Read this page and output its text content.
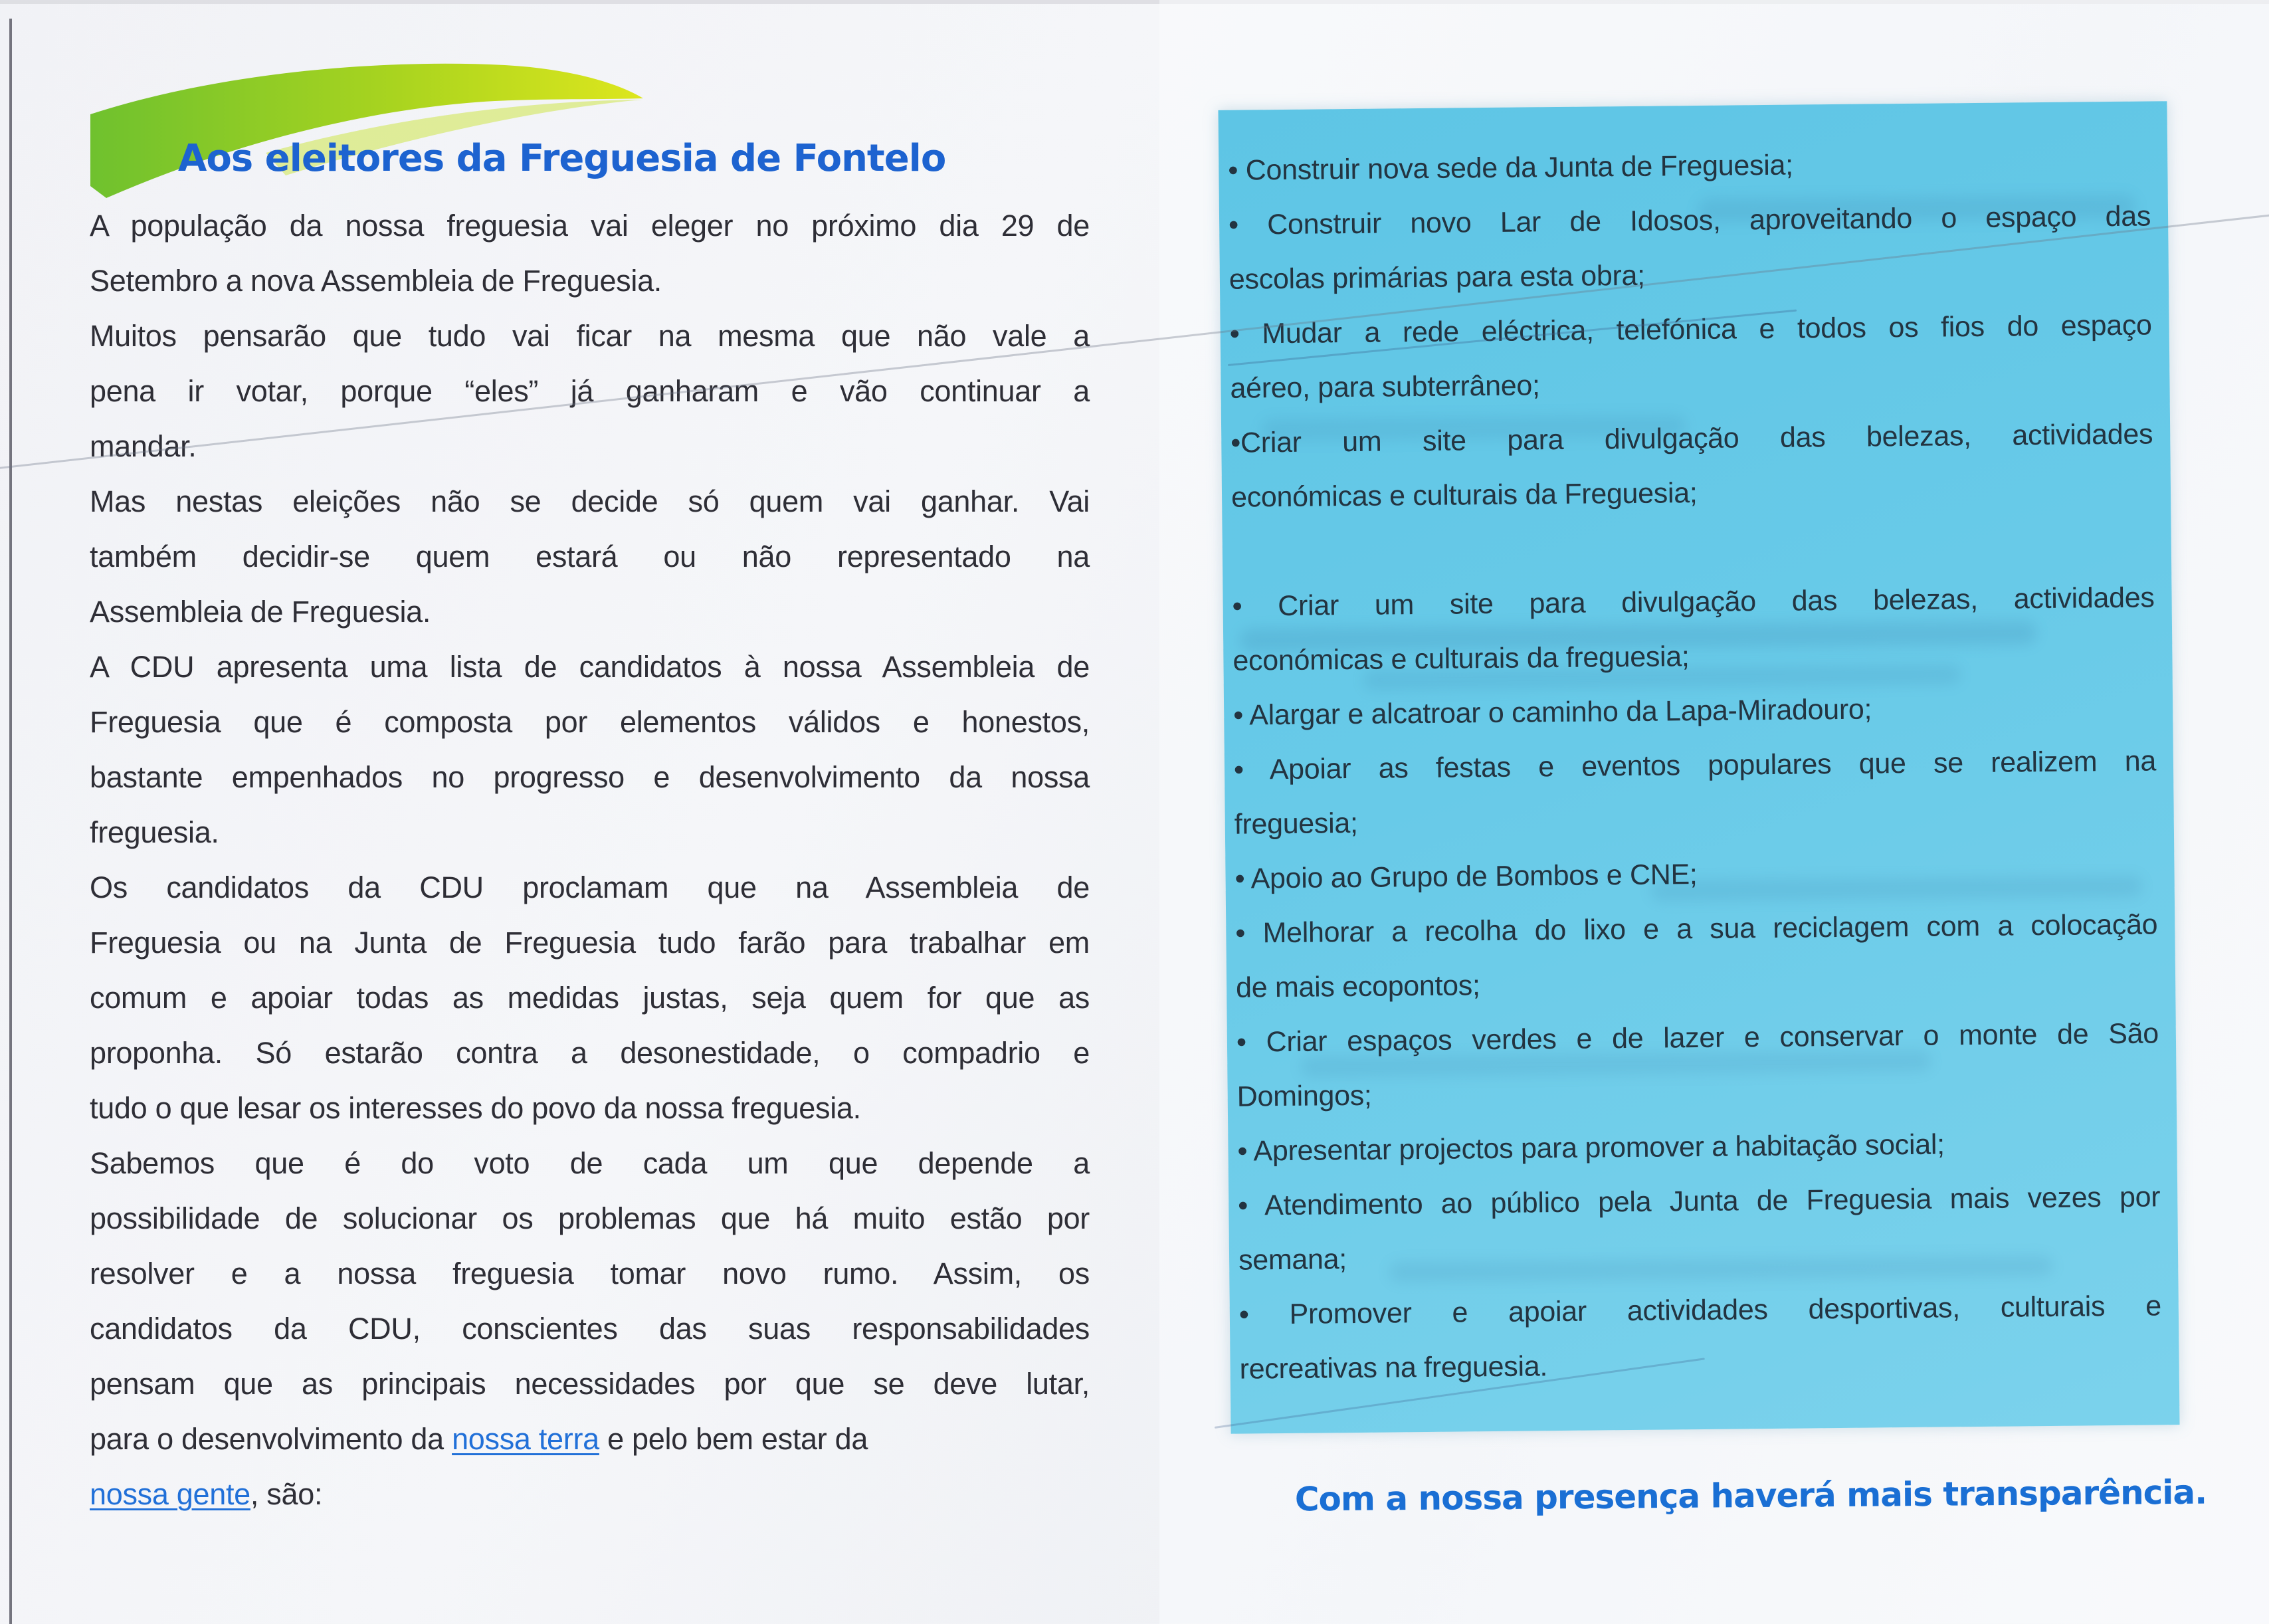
Aos eleitores da Freguesia de Fontelo
A população da nossa freguesia vai eleger no próximo dia 29 de
Setembro a nova Assembleia de Freguesia.
Muitos pensarão que tudo vai ficar na mesma que não vale a
pena ir votar, porque “eles” já ganharam e vão continuar a
mandar.
Mas nestas eleições não se decide só quem vai ganhar. Vai
também decidir-se quem estará ou não representado na
Assembleia de Freguesia.
A CDU apresenta uma lista de candidatos à nossa Assembleia de
Freguesia que é composta por elementos válidos e honestos,
bastante empenhados no progresso e desenvolvimento da nossa
freguesia.
Os candidatos da CDU proclamam que na Assembleia de
Freguesia ou na Junta de Freguesia tudo farão para trabalhar em
comum e apoiar todas as medidas justas, seja quem for que as
proponha. Só estarão contra a desonestidade, o compadrio e
tudo o que lesar os interesses do povo da nossa freguesia.
Sabemos que é do voto de cada um que depende a
possibilidade de solucionar os problemas que há muito estão por
resolver e a nossa freguesia tomar novo rumo. Assim, os
candidatos da CDU, conscientes das suas responsabilidades
pensam que as principais necessidades por que se deve lutar,
para o desenvolvimento da nossa terra e pelo bem estar da
nossa gente, são:
• Construir nova sede da Junta de Freguesia;
• Construir novo Lar de Idosos, aproveitando o espaço das
escolas primárias para esta obra;
• Mudar a rede eléctrica, telefónica e todos os fios do espaço
aéreo, para subterrâneo;
•Criar um site para divulgação das belezas, actividades
económicas e culturais da Freguesia;
• Criar um site para divulgação das belezas, actividades
económicas e culturais da freguesia;
• Alargar e alcatroar o caminho da Lapa-Miradouro;
• Apoiar as festas e eventos populares que se realizem na
freguesia;
• Apoio ao Grupo de Bombos e CNE;
• Melhorar a recolha do lixo e a sua reciclagem com a colocação
de mais ecopontos;
• Criar espaços verdes e de lazer e conservar o monte de São
Domingos;
• Apresentar projectos para promover a habitação social;
• Atendimento ao público pela Junta de Freguesia mais vezes por
semana;
• Promover e apoiar actividades desportivas, culturais e
recreativas na freguesia.
Com a nossa presença haverá mais transparência.
